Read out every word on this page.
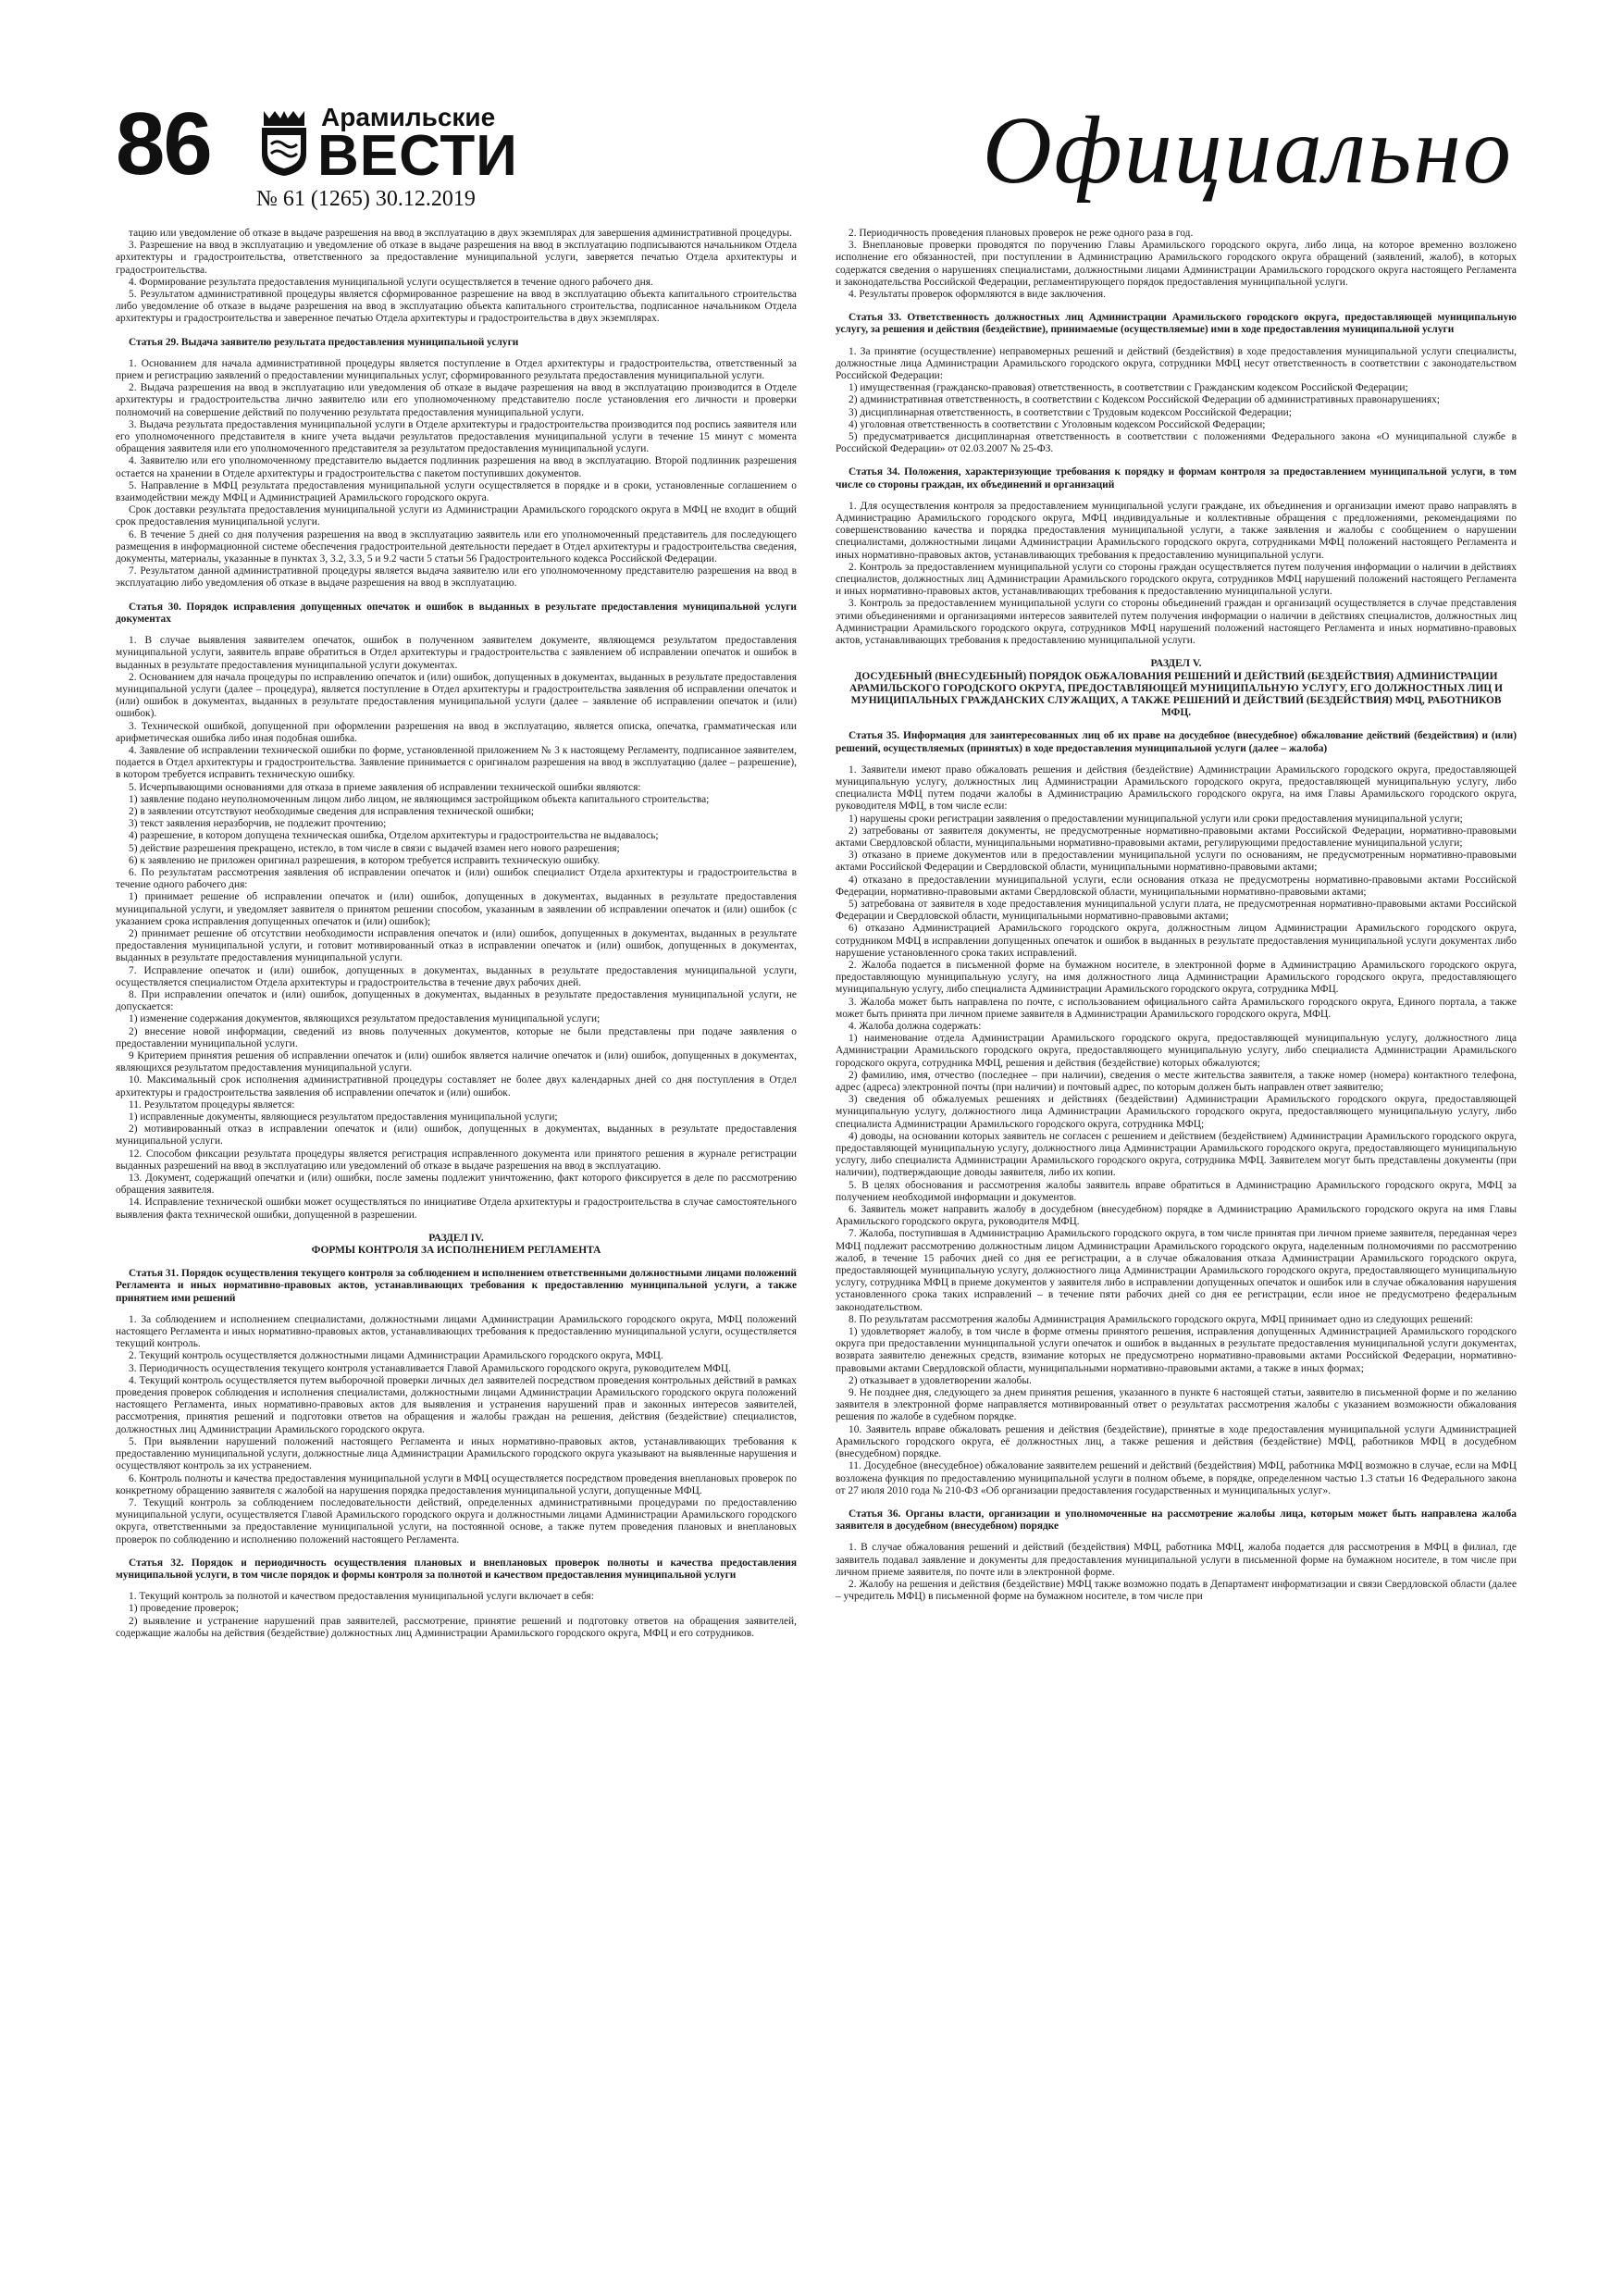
86	Арамильские
ВЕСТИ
№ 61 (1265) 30.12.2019	Официально

тацию или уведомление об отказе в выдаче разрешения на ввод в эксплуатацию в двух экземплярах для завершения административной процедуры.

3. Разрешение на ввод в эксплуатацию и уведомление об отказе в выдаче разрешения на ввод в эксплуатацию подписываются начальником Отдела архитектуры и градостроительства, ответственного за предоставление муниципальной услуги, заверяется печатью Отдела архитектуры и градостроительства.

4. Формирование результата предоставления муниципальной услуги осуществляется в течение одного рабочего дня.

5. Результатом административной процедуры является сформированное разрешение на ввод в эксплуатацию объекта капитального строительства либо уведомление об отказе в выдаче разрешения на ввод в эксплуатацию объекта капитального строительства, подписанное начальником Отдела архитектуры и градостроительства и заверенное печатью Отдела архитектуры и градостроительства в двух экземплярах.

Статья 29. Выдача заявителю результата предоставления муниципальной услуги

1. Основанием для начала административной процедуры является поступление в Отдел архитектуры и градостроительства, ответственный за прием и регистрацию заявлений о предоставлении муниципальных услуг, сформированного результата предоставления муниципальной услуги.

2. Выдача разрешения на ввод в эксплуатацию или уведомления об отказе в выдаче разрешения на ввод в эксплуатацию производится в Отделе архитектуры и градостроительства лично заявителю или его уполномоченному представителю после установления его личности и проверки полномочий на совершение действий по получению результата предоставления муниципальной услуги.

3. Выдача результата предоставления муниципальной услуги в Отделе архитектуры и градостроительства производится под роспись заявителя или его уполномоченного представителя в книге учета выдачи результатов предоставления муниципальной услуги в течение 15 минут с момента обращения заявителя или его уполномоченного представителя за результатом предоставления муниципальной услуги.

4. Заявителю или его уполномоченному представителю выдается подлинник разрешения на ввод в эксплуатацию. Второй подлинник разрешения остается на хранении в Отделе архитектуры и градостроительства с пакетом поступивших документов.

5. Направление в МФЦ результата предоставления муниципальной услуги осуществляется в порядке и в сроки, установленные соглашением о взаимодействии между МФЦ и Администрацией Арамильского городского округа.

Срок доставки результата предоставления муниципальной услуги из Администрации Арамильского городского округа в МФЦ не входит в общий срок предоставления муниципальной услуги.

6. В течение 5 дней со дня получения разрешения на ввод в эксплуатацию заявитель или его уполномоченный представитель для последующего размещения в информационной системе обеспечения градостроительной деятельности передает в Отдел архитектуры и градостроительства сведения, документы, материалы, указанные в пунктах 3, 3.2, 3.3, 5 и 9.2 части 5 статьи 56 Градостроительного кодекса Российской Федерации.

7. Результатом данной административной процедуры является выдача заявителю или его уполномоченному представителю разрешения на ввод в эксплуатацию либо уведомления об отказе в выдаче разрешения на ввод в эксплуатацию.

Статья 30. Порядок исправления допущенных опечаток и ошибок в выданных в результате предоставления муниципальной услуги документах

1. В случае выявления заявителем опечаток, ошибок в полученном заявителем документе, являющемся результатом предоставления муниципальной услуги, заявитель вправе обратиться в Отдел архитектуры и градостроительства с заявлением об исправлении опечаток и ошибок в выданных в результате предоставления муниципальной услуги документах.

2. Основанием для начала процедуры по исправлению опечаток и (или) ошибок, допущенных в документах, выданных в результате предоставления муниципальной услуги (далее – процедура), является поступление в Отдел архитектуры и градостроительства заявления об исправлении опечаток и (или) ошибок в документах, выданных в результате предоставления муниципальной услуги (далее – заявление об исправлении опечаток и (или) ошибок).

3. Технической ошибкой, допущенной при оформлении разрешения на ввод в эксплуатацию, является описка, опечатка, грамматическая или арифметическая ошибка либо иная подобная ошибка.

4. Заявление об исправлении технической ошибки по форме, установленной приложением № 3 к настоящему Регламенту, подписанное заявителем, подается в Отдел архитектуры и градостроительства. Заявление принимается с оригиналом разрешения на ввод в эксплуатацию (далее – разрешение), в котором требуется исправить техническую ошибку.

5. Исчерпывающими основаниями для отказа в приеме заявления об исправлении технической ошибки являются:

1) заявление подано неуполномоченным лицом либо лицом, не являющимся застройщиком объекта капитального строительства;

2) в заявлении отсутствуют необходимые сведения для исправления технической ошибки;

3) текст заявления неразборчив, не подлежит прочтению;

4) разрешение, в котором допущена техническая ошибка, Отделом архитектуры и градостроительства не выдавалось;

5) действие разрешения прекращено, истекло, в том числе в связи с выдачей взамен него нового разрешения;

6) к заявлению не приложен оригинал разрешения, в котором требуется исправить техническую ошибку.

6. По результатам рассмотрения заявления об исправлении опечаток и (или) ошибок специалист Отдела архитектуры и градостроительства в течение одного рабочего дня:

1) принимает решение об исправлении опечаток и (или) ошибок, допущенных в документах, выданных в результате предоставления муниципальной услуги, и уведомляет заявителя о принятом решении способом, указанным в заявлении об исправлении опечаток и (или) ошибок (с указанием срока исправления допущенных опечаток и (или) ошибок);

2) принимает решение об отсутствии необходимости исправления опечаток и (или) ошибок, допущенных в документах, выданных в результате предоставления муниципальной услуги, и готовит мотивированный отказ в исправлении опечаток и (или) ошибок, допущенных в документах, выданных в результате предоставления муниципальной услуги.

7. Исправление опечаток и (или) ошибок, допущенных в документах, выданных в результате предоставления муниципальной услуги, осуществляется специалистом Отдела архитектуры и градостроительства в течение двух рабочих дней.

8. При исправлении опечаток и (или) ошибок, допущенных в документах, выданных в результате предоставления муниципальной услуги, не допускается:

1) изменение содержания документов, являющихся результатом предоставления муниципальной услуги;

2) внесение новой информации, сведений из вновь полученных документов, которые не были представлены при подаче заявления о предоставлении муниципальной услуги.

9 Критерием принятия решения об исправлении опечаток и (или) ошибок является наличие опечаток и (или) ошибок, допущенных в документах, являющихся результатом предоставления муниципальной услуги.

10. Максимальный срок исполнения административной процедуры составляет не более двух календарных дней со дня поступления в Отдел архитектуры и градостроительства заявления об исправлении опечаток и (или) ошибок.

11. Результатом процедуры является:

1) исправленные документы, являющиеся результатом предоставления муниципальной услуги;

2) мотивированный отказ в исправлении опечаток и (или) ошибок, допущенных в документах, выданных в результате предоставления муниципальной услуги.

12. Способом фиксации результата процедуры является регистрация исправленного документа или принятого решения в журнале регистрации выданных разрешений на ввод в эксплуатацию или уведомлений об отказе в выдаче разрешения на ввод в эксплуатацию.

13. Документ, содержащий опечатки и (или) ошибки, после замены подлежит уничтожению, факт которого фиксируется в деле по рассмотрению обращения заявителя.

14. Исправление технической ошибки может осуществляться по инициативе Отдела архитектуры и градостроительства в случае самостоятельного выявления факта технической ошибки, допущенной в разрешении.

РАЗДЕЛ IV.

ФОРМЫ КОНТРОЛЯ ЗА ИСПОЛНЕНИЕМ РЕГЛАМЕНТА

Статья 31. Порядок осуществления текущего контроля за соблюдением и исполнением ответственными должностными лицами положений Регламента и иных нормативно-правовых актов, устанавливающих требования к предоставлению муниципальной услуги, а также принятием ими решений

1. За соблюдением и исполнением специалистами, должностными лицами Администрации Арамильского городского округа, МФЦ положений настоящего Регламента и иных нормативно-правовых актов, устанавливающих требования к предоставлению муниципальной услуги, осуществляется текущий контроль.

2. Текущий контроль осуществляется должностными лицами Администрации Арамильского городского округа, МФЦ.

3. Периодичность осуществления текущего контроля устанавливается Главой Арамильского городского округа, руководителем МФЦ.

4. Текущий контроль осуществляется путем выборочной проверки личных дел заявителей посредством проведения контрольных действий в рамках проведения проверок соблюдения и исполнения специалистами, должностными лицами Администрации Арамильского городского округа положений настоящего Регламента, иных нормативно-правовых актов для выявления и устранения нарушений прав и законных интересов заявителей, рассмотрения, принятия решений и подготовки ответов на обращения и жалобы граждан на решения, действия (бездействие) специалистов, должностных лиц Администрации Арамильского городского округа.

5. При выявлении нарушений положений настоящего Регламента и иных нормативно-правовых актов, устанавливающих требования к предоставлению муниципальной услуги, должностные лица Администрации Арамильского городского округа указывают на выявленные нарушения и осуществляют контроль за их устранением.

6. Контроль полноты и качества предоставления муниципальной услуги в МФЦ осуществляется посредством проведения внеплановых проверок по конкретному обращению заявителя с жалобой на нарушения порядка предоставления муниципальной услуги, допущенные МФЦ.

7. Текущий контроль за соблюдением последовательности действий, определенных административными процедурами по предоставлению муниципальной услуги, осуществляется Главой Арамильского городского округа и должностными лицами Администрации Арамильского городского округа, ответственными за предоставление муниципальной услуги, на постоянной основе, а также путем проведения плановых и внеплановых проверок по соблюдению и исполнению положений настоящего Регламента.

Статья 32. Порядок и периодичность осуществления плановых и внеплановых проверок полноты и качества предоставления муниципальной услуги, в том числе порядок и формы контроля за полнотой и качеством предоставления муниципальной услуги

1. Текущий контроль за полнотой и качеством предоставления муниципальной услуги включает в себя:

1) проведение проверок;

2) выявление и устранение нарушений прав заявителей, рассмотрение, принятие решений и подготовку ответов на обращения заявителей, содержащие жалобы на действия (бездействие) должностных лиц Администрации Арамильского городского округа, МФЦ и его сотрудников.

2. Периодичность проведения плановых проверок не реже одного раза в год.

3. Внеплановые проверки проводятся по поручению Главы Арамильского городского округа, либо лица, на которое временно возложено исполнение его обязанностей, при поступлении в Администрацию Арамильского городского округа обращений (заявлений, жалоб), в которых содержатся сведения о нарушениях специалистами, должностными лицами Администрации Арамильского городского округа настоящего Регламента и законодательства Российской Федерации, регламентирующего порядок предоставления муниципальной услуги.

4. Результаты проверок оформляются в виде заключения.

Статья 33. Ответственность должностных лиц Администрации Арамильского городского округа, предоставляющей муниципальную услугу, за решения и действия (бездействие), принимаемые (осуществляемые) ими в ходе предоставления муниципальной услуги

1. За принятие (осуществление) неправомерных решений и действий (бездействия) в ходе предоставления муниципальной услуги специалисты, должностные лица Администрации Арамильского городского округа, сотрудники МФЦ несут ответственность в соответствии с законодательством Российской Федерации:

1) имущественная (гражданско-правовая) ответственность, в соответствии с Гражданским кодексом Российской Федерации;

2) административная ответственность, в соответствии с Кодексом Российской Федерации об административных правонарушениях;

3) дисциплинарная ответственность, в соответствии с Трудовым кодексом Российской Федерации;

4) уголовная ответственность в соответствии с Уголовным кодексом Российской Федерации;

5) предусматривается дисциплинарная ответственность в соответствии с положениями Федерального закона «О муниципальной службе в Российской Федерации» от 02.03.2007 № 25-ФЗ.

Статья 34. Положения, характеризующие требования к порядку и формам контроля за предоставлением муниципальной услуги, в том числе со стороны граждан, их объединений и организаций

1. Для осуществления контроля за предоставлением муниципальной услуги граждане, их объединения и организации имеют право направлять в Администрацию Арамильского городского округа, МФЦ индивидуальные и коллективные обращения с предложениями, рекомендациями по совершенствованию качества и порядка предоставления муниципальной услуги, а также заявления и жалобы с сообщением о нарушении специалистами, должностными лицами Администрации Арамильского городского округа, сотрудниками МФЦ положений настоящего Регламента и иных нормативно-правовых актов, устанавливающих требования к предоставлению муниципальной услуги.

2. Контроль за предоставлением муниципальной услуги со стороны граждан осуществляется путем получения информации о наличии в действиях специалистов, должностных лиц Администрации Арамильского городского округа, сотрудников МФЦ нарушений положений настоящего Регламента и иных нормативно-правовых актов, устанавливающих требования к предоставлению муниципальной услуги.

3. Контроль за предоставлением муниципальной услуги со стороны объединений граждан и организаций осуществляется в случае представления этими объединениями и организациями интересов заявителей путем получения информации о наличии в действиях специалистов, должностных лиц Администрации Арамильского городского округа, сотрудников МФЦ нарушений положений настоящего Регламента и иных нормативно-правовых актов, устанавливающих требования к предоставлению муниципальной услуги.

РАЗДЕЛ V.

ДОСУДЕБНЫЙ (ВНЕСУДЕБНЫЙ) ПОРЯДОК ОБЖАЛОВАНИЯ РЕШЕНИЙ И ДЕЙСТВИЙ (БЕЗДЕЙСТВИЯ) АДМИНИСТРАЦИИ АРАМИЛЬСКОГО ГОРОДСКОГО ОКРУГА, ПРЕДОСТАВЛЯЮЩЕЙ МУНИЦИПАЛЬНУЮ УСЛУГУ, ЕГО ДОЛЖНОСТНЫХ ЛИЦ И МУНИЦИПАЛЬНЫХ ГРАЖДАНСКИХ СЛУЖАЩИХ, А ТАКЖЕ РЕШЕНИЙ И ДЕЙСТВИЙ (БЕЗДЕЙСТВИЯ) МФЦ, РАБОТНИКОВ МФЦ.

Статья 35. Информация для заинтересованных лиц об их праве на досудебное (внесудебное) обжалование действий (бездействия) и (или) решений, осуществляемых (принятых) в ходе предоставления муниципальной услуги (далее – жалоба)

1. Заявители имеют право обжаловать решения и действия (бездействие) Администрации Арамильского городского округа, предоставляющей муниципальную услугу, должностных лиц Администрации Арамильского городского округа, предоставляющей муниципальную услугу, либо специалиста МФЦ путем подачи жалобы в Администрацию Арамильского городского округа, на имя Главы Арамильского городского округа, руководителя МФЦ, в том числе если:

1) нарушены сроки регистрации заявления о предоставлении муниципальной услуги или сроки предоставления муниципальной услуги;

2) затребованы от заявителя документы, не предусмотренные нормативно-правовыми актами Российской Федерации, нормативно-правовыми актами Свердловской области, муниципальными нормативно-правовыми актами, регулирующими предоставление муниципальной услуги;

3) отказано в приеме документов или в предоставлении муниципальной услуги по основаниям, не предусмотренным нормативно-правовыми актами Российской Федерации и Свердловской области, муниципальными нормативно-правовыми актами;

4) отказано в предоставлении муниципальной услуги, если основания отказа не предусмотрены нормативно-правовыми актами Российской Федерации, нормативно-правовыми актами Свердловской области, муниципальными нормативно-правовыми актами;

5) затребована от заявителя в ходе предоставления муниципальной услуги плата, не предусмотренная нормативно-правовыми актами Российской Федерации и Свердловской области, муниципальными нормативно-правовыми актами;

6) отказано Администрацией Арамильского городского округа, должностным лицом Администрации Арамильского городского округа, сотрудником МФЦ в исправлении допущенных опечаток и ошибок в выданных в результате предоставления муниципальной услуги документах либо нарушение установленного срока таких исправлений.

2. Жалоба подается в письменной форме на бумажном носителе, в электронной форме в Администрацию Арамильского городского округа, предоставляющую муниципальную услугу, на имя должностного лица Администрации Арамильского городского округа, предоставляющего муниципальную услугу, либо специалиста Администрации Арамильского городского округа, сотрудника МФЦ.

3. Жалоба может быть направлена по почте, с использованием официального сайта Арамильского городского округа, Единого портала, а также может быть принята при личном приеме заявителя в Администрации Арамильского городского округа, МФЦ.

4. Жалоба должна содержать:

1) наименование отдела Администрации Арамильского городского округа, предоставляющей муниципальную услугу, должностного лица Администрации Арамильского городского округа, предоставляющего муниципальную услугу, либо специалиста Администрации Арамильского городского округа, сотрудника МФЦ, решения и действия (бездействие) которых обжалуются;

2) фамилию, имя, отчество (последнее – при наличии), сведения о месте жительства заявителя, а также номер (номера) контактного телефона, адрес (адреса) электронной почты (при наличии) и почтовый адрес, по которым должен быть направлен ответ заявителю;

3) сведения об обжалуемых решениях и действиях (бездействии) Администрации Арамильского городского округа, предоставляющей муниципальную услугу, должностного лица Администрации Арамильского городского округа, предоставляющего муниципальную услугу, либо специалиста Администрации Арамильского городского округа, сотрудника МФЦ;

4) доводы, на основании которых заявитель не согласен с решением и действием (бездействием) Администрации Арамильского городского округа, предоставляющей муниципальную услугу, должностного лица Администрации Арамильского городского округа, предоставляющего муниципальную услугу, либо специалиста Администрации Арамильского городского округа, сотрудника МФЦ. Заявителем могут быть представлены документы (при наличии), подтверждающие доводы заявителя, либо их копии.

5. В целях обоснования и рассмотрения жалобы заявитель вправе обратиться в Администрацию Арамильского городского округа, МФЦ за получением необходимой информации и документов.

6. Заявитель может направить жалобу в досудебном (внесудебном) порядке в Администрацию Арамильского городского округа на имя Главы Арамильского городского округа, руководителя МФЦ.

7. Жалоба, поступившая в Администрацию Арамильского городского округа, в том числе принятая при личном приеме заявителя, переданная через МФЦ подлежит рассмотрению должностным лицом Администрации Арамильского городского округа, наделенным полномочиями по рассмотрению жалоб, в течение 15 рабочих дней со дня ее регистрации, а в случае обжалования отказа Администрации Арамильского городского округа, предоставляющей муниципальную услугу, должностного лица Администрации Арамильского городского округа, предоставляющего муниципальную услугу, сотрудника МФЦ в приеме документов у заявителя либо в исправлении допущенных опечаток и ошибок или в случае обжалования нарушения установленного срока таких исправлений – в течение пяти рабочих дней со дня ее регистрации, если иное не предусмотрено федеральным законодательством.

8. По результатам рассмотрения жалобы Администрация Арамильского городского округа, МФЦ принимает одно из следующих решений:

1) удовлетворяет жалобу, в том числе в форме отмены принятого решения, исправления допущенных Администрацией Арамильского городского округа при предоставлении муниципальной услуги опечаток и ошибок в выданных в результате предоставления муниципальной услуги документах, возврата заявителю денежных средств, взимание которых не предусмотрено нормативно-правовыми актами Российской Федерации, нормативно-правовыми актами Свердловской области, муниципальными нормативно-правовыми актами, а также в иных формах;

2) отказывает в удовлетворении жалобы.

9. Не позднее дня, следующего за днем принятия решения, указанного в пункте 6 настоящей статьи, заявителю в письменной форме и по желанию заявителя в электронной форме направляется мотивированный ответ о результатах рассмотрения жалобы с указанием возможности обжалования решения по жалобе в судебном порядке.

10. Заявитель вправе обжаловать решения и действия (бездействие), принятые в ходе предоставления муниципальной услуги Администрацией Арамильского городского округа, её должностных лиц, а также решения и действия (бездействие) МФЦ, работников МФЦ в досудебном (внесудебном) порядке.

11. Досудебное (внесудебное) обжалование заявителем решений и действий (бездействия) МФЦ, работника МФЦ возможно в случае, если на МФЦ возложена функция по предоставлению муниципальной услуги в полном объеме, в порядке, определенном частью 1.3 статьи 16 Федерального закона от 27 июля 2010 года № 210-ФЗ «Об организации предоставления государственных и муниципальных услуг».

Статья 36. Органы власти, организации и уполномоченные на рассмотрение жалобы лица, которым может быть направлена жалоба заявителя в досудебном (внесудебном) порядке

1. В случае обжалования решений и действий (бездействия) МФЦ, работника МФЦ, жалоба подается для рассмотрения в МФЦ в филиал, где заявитель подавал заявление и документы для предоставления муниципальной услуги в письменной форме на бумажном носителе, в том числе при личном приеме заявителя, по почте или в электронной форме.

2. Жалобу на решения и действия (бездействие) МФЦ также возможно подать в Департамент информатизации и связи Свердловской области (далее – учредитель МФЦ) в письменной форме на бумажном носителе, в том числе при
